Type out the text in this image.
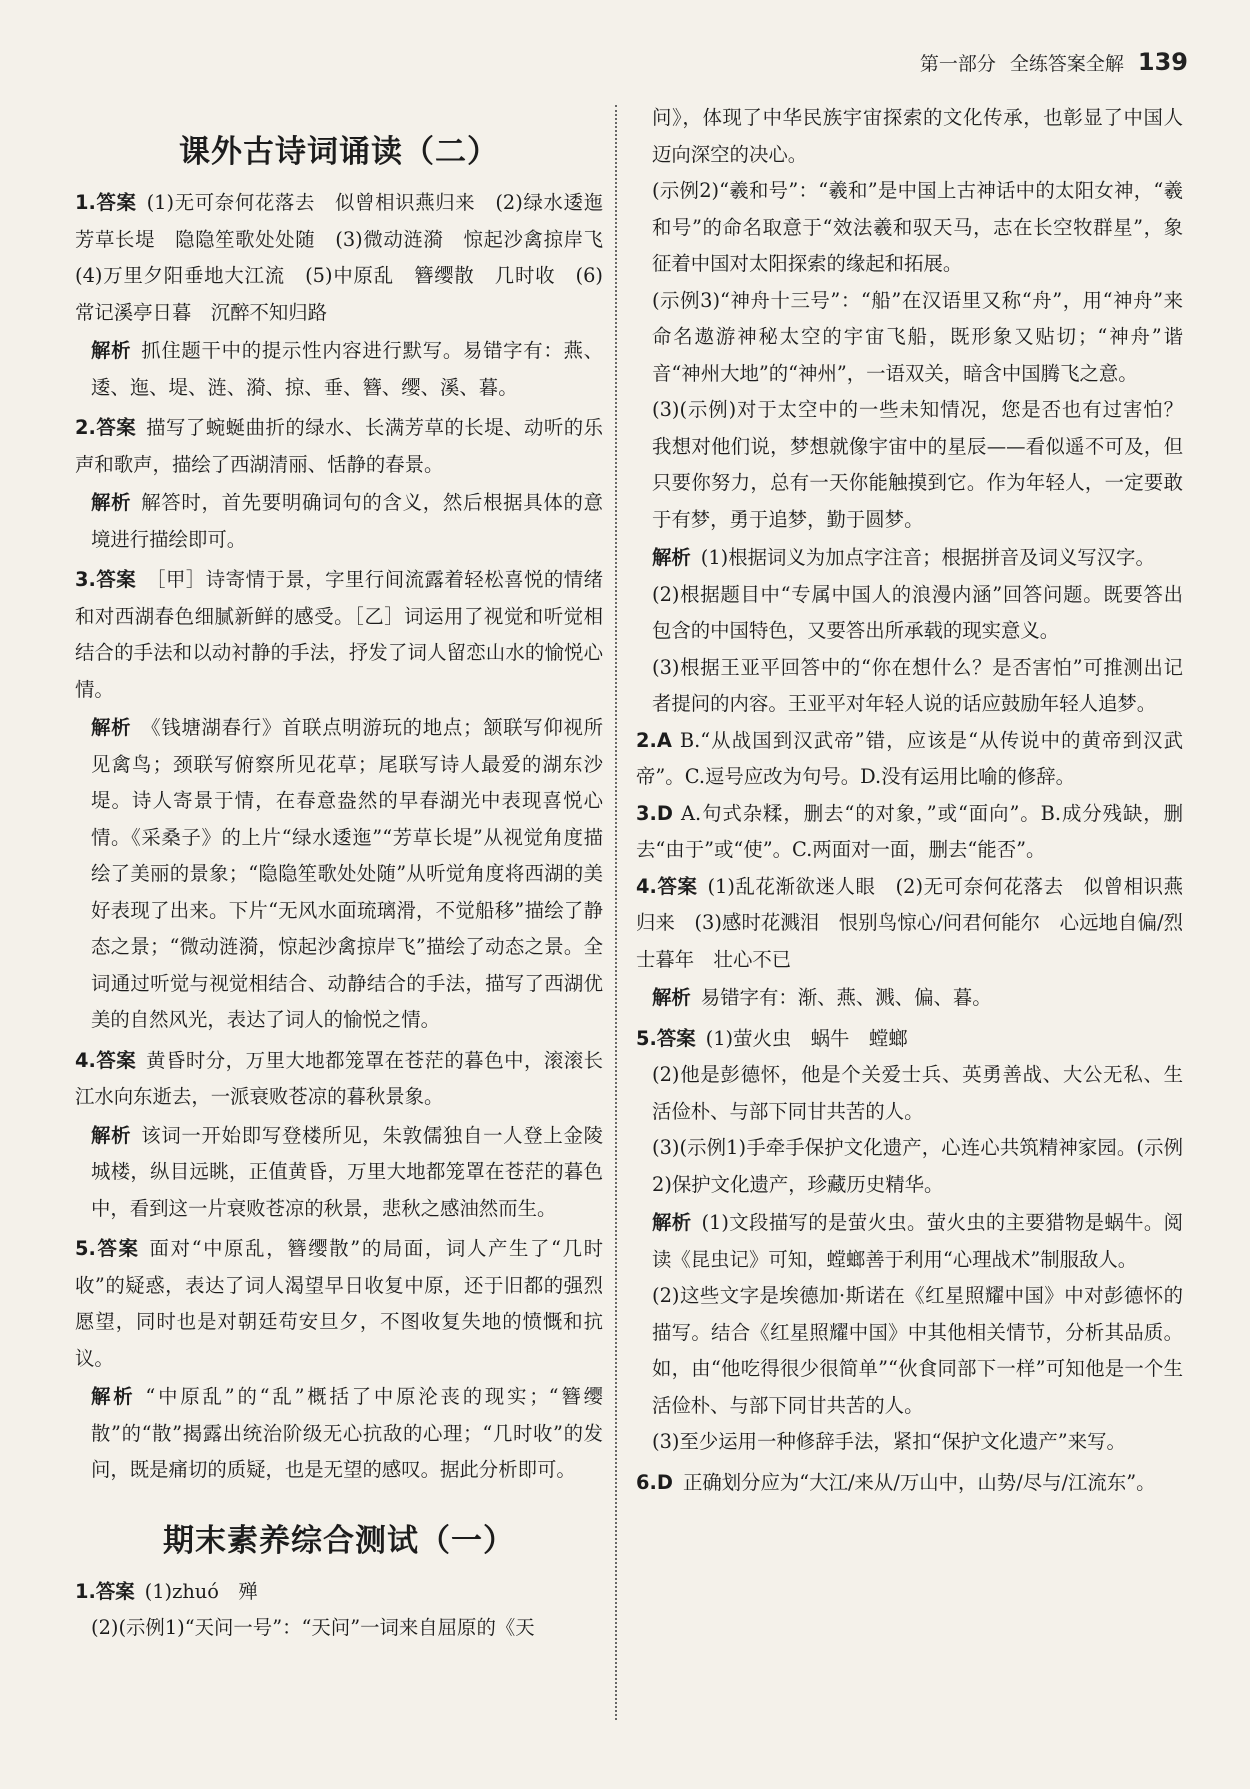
第一部分 全练答案全解 139
课外古诗词诵读（二）
1.答案 (1)无可奈何花落去　似曾相识燕归来　(2)绿水逶迤　芳草长堤　隐隐笙歌处处随　(3)微动涟漪　惊起沙禽掠岸飞　(4)万里夕阳垂地大江流　(5)中原乱　簪缨散　几时收　(6)常记溪亭日暮　沉醉不知归路
解析 抓住题干中的提示性内容进行默写。易错字有：燕、逶、迤、堤、涟、漪、掠、垂、簪、缨、溪、暮。
2.答案 描写了蜿蜒曲折的绿水、长满芳草的长堤、动听的乐声和歌声，描绘了西湖清丽、恬静的春景。
解析 解答时，首先要明确词句的含义，然后根据具体的意境进行描绘即可。
3.答案 ［甲］诗寄情于景，字里行间流露着轻松喜悦的情绪和对西湖春色细腻新鲜的感受。［乙］词运用了视觉和听觉相结合的手法和以动衬静的手法，抒发了词人留恋山水的愉悦心情。
解析 《钱塘湖春行》首联点明游玩的地点；颔联写仰视所见禽鸟；颈联写俯察所见花草；尾联写诗人最爱的湖东沙堤。诗人寄景于情，在春意盎然的早春湖光中表现喜悦心情。《采桑子》的上片“绿水逶迤”“芳草长堤”从视觉角度描绘了美丽的景象；“隐隐笙歌处处随”从听觉角度将西湖的美好表现了出来。下片“无风水面琉璃滑，不觉船移”描绘了静态之景；“微动涟漪，惊起沙禽掠岸飞”描绘了动态之景。全词通过听觉与视觉相结合、动静结合的手法，描写了西湖优美的自然风光，表达了词人的愉悦之情。
4.答案 黄昏时分，万里大地都笼罩在苍茫的暮色中，滚滚长江水向东逝去，一派衰败苍凉的暮秋景象。
解析 该词一开始即写登楼所见，朱敦儒独自一人登上金陵城楼，纵目远眺，正值黄昏，万里大地都笼罩在苍茫的暮色中，看到这一片衰败苍凉的秋景，悲秋之感油然而生。
5.答案 面对“中原乱，簪缨散”的局面，词人产生了“几时收”的疑惑，表达了词人渴望早日收复中原，还于旧都的强烈愿望，同时也是对朝廷苟安旦夕，不图收复失地的愤慨和抗议。
解析 “中原乱”的“乱”概括了中原沦丧的现实；“簪缨散”的“散”揭露出统治阶级无心抗敌的心理；“几时收”的发问，既是痛切的质疑，也是无望的感叹。据此分析即可。
期末素养综合测试（一）
1.答案 (1)zhuó　殚
(2)(示例1)“天问一号”：“天问”一词来自屈原的《天
问》，体现了中华民族宇宙探索的文化传承，也彰显了中国人迈向深空的决心。
(示例2)“羲和号”：“羲和”是中国上古神话中的太阳女神，“羲和号”的命名取意于“效法羲和驭天马，志在长空牧群星”，象征着中国对太阳探索的缘起和拓展。
(示例3)“神舟十三号”：“船”在汉语里又称“舟”，用“神舟”来命名遨游神秘太空的宇宙飞船，既形象又贴切；“神舟”谐音“神州大地”的“神州”，一语双关，暗含中国腾飞之意。
(3)(示例)对于太空中的一些未知情况，您是否也有过害怕？　我想对他们说，梦想就像宇宙中的星辰——看似遥不可及，但只要你努力，总有一天你能触摸到它。作为年轻人，一定要敢于有梦，勇于追梦，勤于圆梦。
解析 (1)根据词义为加点字注音；根据拼音及词义写汉字。
(2)根据题目中“专属中国人的浪漫内涵”回答问题。既要答出包含的中国特色，又要答出所承载的现实意义。
(3)根据王亚平回答中的“你在想什么？是否害怕”可推测出记者提问的内容。王亚平对年轻人说的话应鼓励年轻人追梦。
2.A B.“从战国到汉武帝”错，应该是“从传说中的黄帝到汉武帝”。C.逗号应改为句号。D.没有运用比喻的修辞。
3.D A.句式杂糅，删去“的对象，”或“面向”。B.成分残缺，删去“由于”或“使”。C.两面对一面，删去“能否”。
4.答案 (1)乱花渐欲迷人眼　(2)无可奈何花落去　似曾相识燕归来　(3)感时花溅泪　恨别鸟惊心/问君何能尔　心远地自偏/烈士暮年　壮心不已
解析 易错字有：渐、燕、溅、偏、暮。
5.答案 (1)萤火虫　蜗牛　螳螂
(2)他是彭德怀，他是个关爱士兵、英勇善战、大公无私、生活俭朴、与部下同甘共苦的人。
(3)(示例1)手牵手保护文化遗产，心连心共筑精神家园。(示例2)保护文化遗产，珍藏历史精华。
解析 (1)文段描写的是萤火虫。萤火虫的主要猎物是蜗牛。阅读《昆虫记》可知，螳螂善于利用“心理战术”制服敌人。
(2)这些文字是埃德加·斯诺在《红星照耀中国》中对彭德怀的描写。结合《红星照耀中国》中其他相关情节，分析其品质。如，由“他吃得很少很简单”“伙食同部下一样”可知他是一个生活俭朴、与部下同甘共苦的人。
(3)至少运用一种修辞手法，紧扣“保护文化遗产”来写。
6.D 正确划分应为“大江/来从/万山中，山势/尽与/江流东”。
